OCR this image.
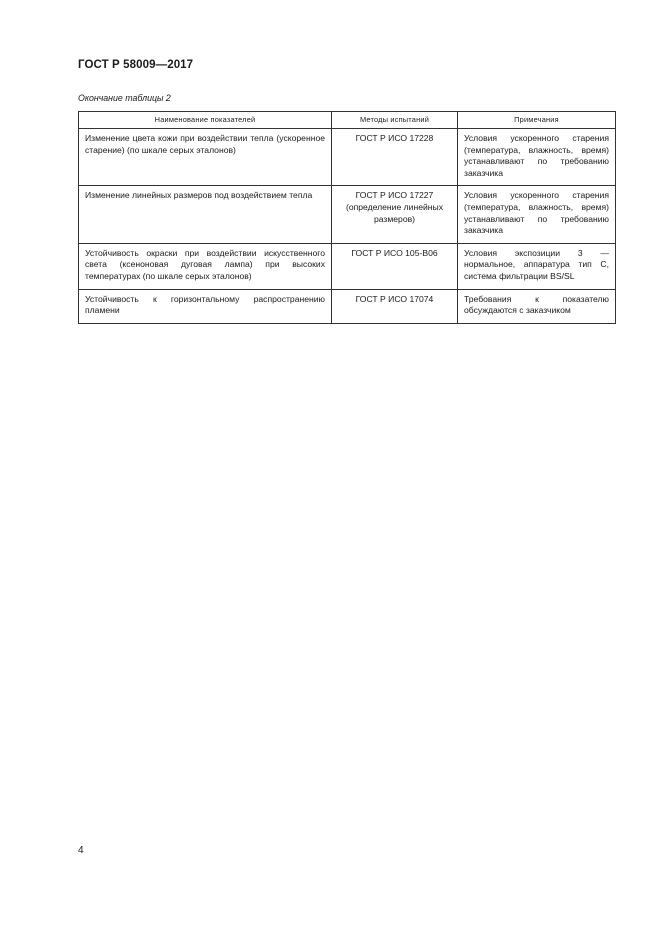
ГОСТ Р 58009—2017
Окончание таблицы 2
Наименование показателей	Методы испытаний	Примечания
Изменение цвета кожи при воздействии тепла (ускоренное старение) (по шкале серых эталонов)	ГОСТ Р ИСО 17228	Условия ускоренного старения (температура, влажность, время) устанавливают по требованию заказчика
Изменение линейных размеров под воздействием тепла	ГОСТ Р ИСО 17227 (определение линейных размеров)	Условия ускоренного старения (температура, влажность, время) устанавливают по требованию заказчика
Устойчивость окраски при воздействии искусственного света (ксеноновая дуговая лампа) при высоких температурах (по шкале серых эталонов)	ГОСТ Р ИСО 105-В06	Условия экспозиции 3 — нормальное, аппаратура тип С, система фильтрации BS/SL
Устойчивость к горизонтальному распространению пламени	ГОСТ Р ИСО 17074	Требования к показателю обсуждаются с заказчиком
4
